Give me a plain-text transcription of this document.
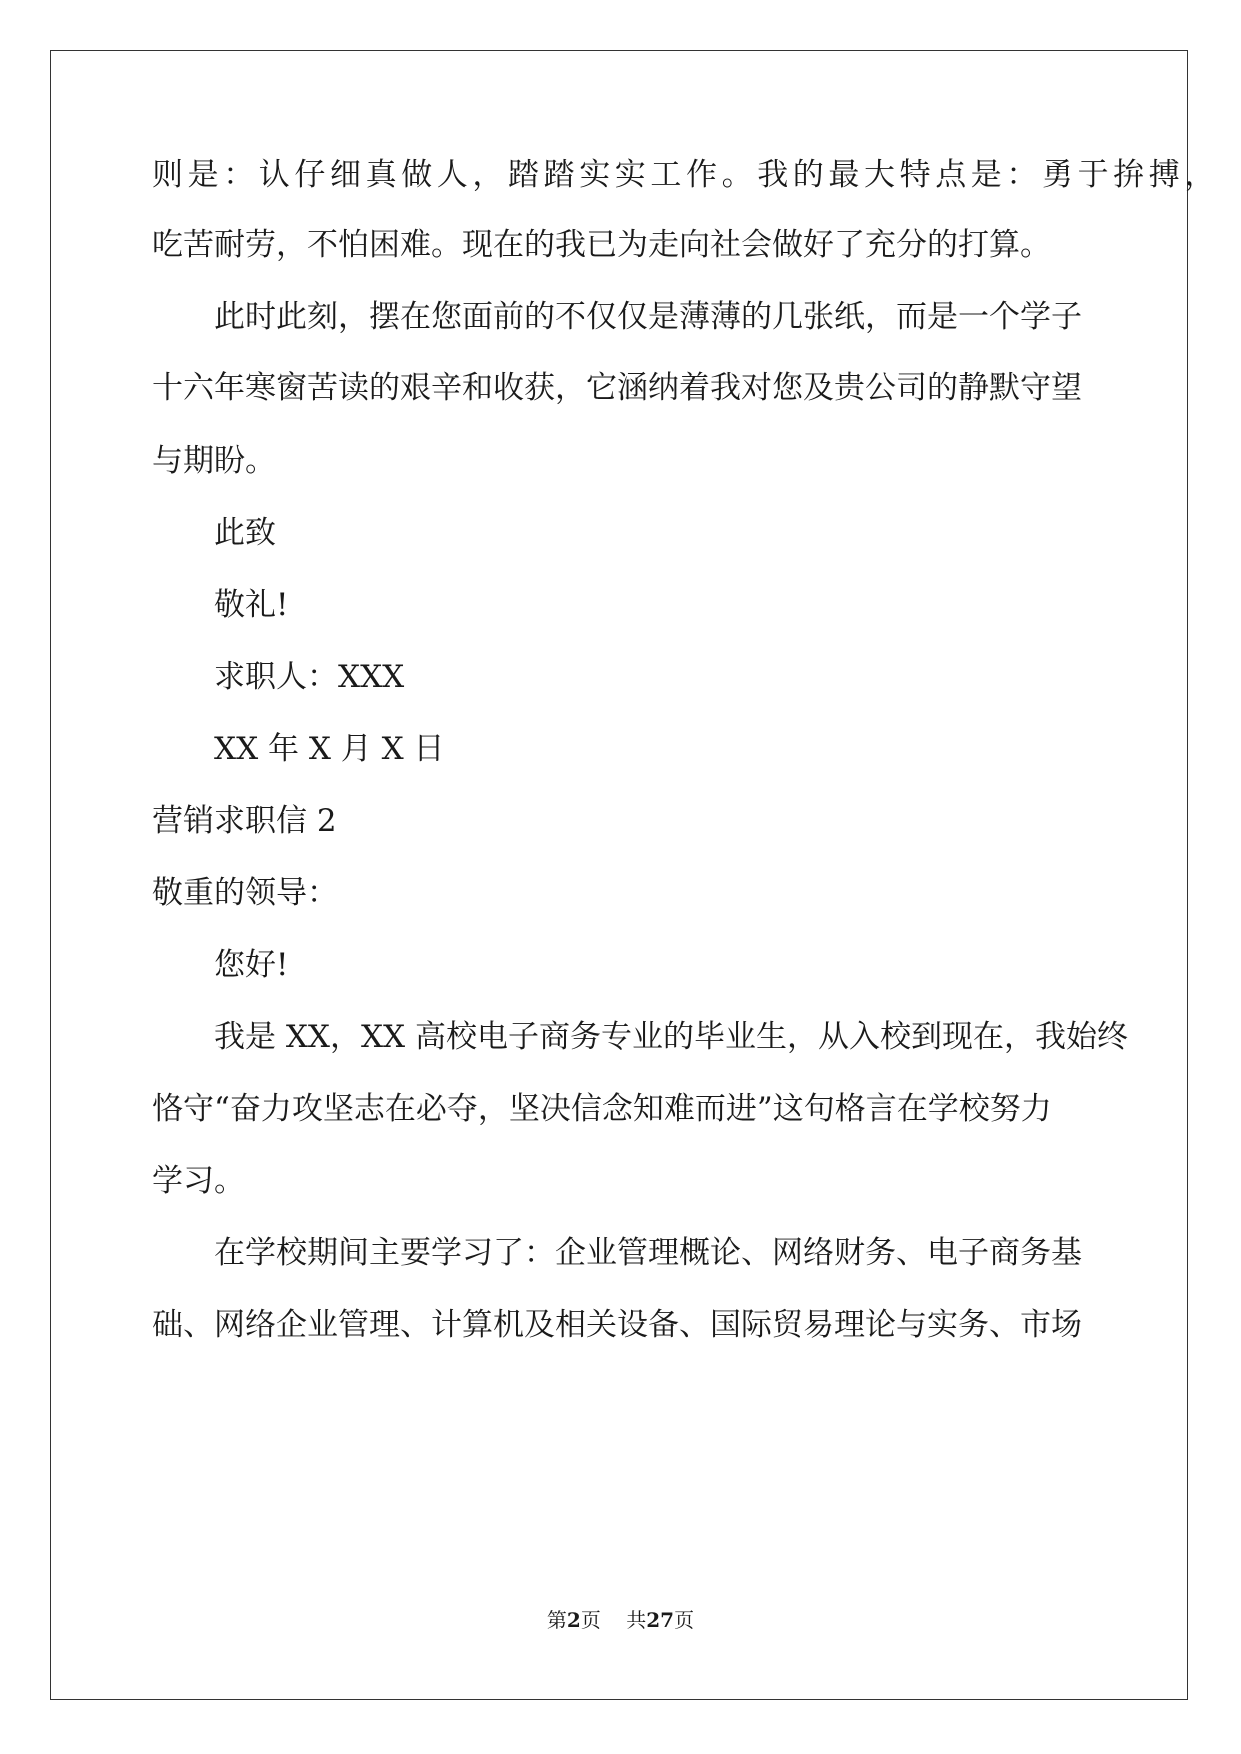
则是：认仔细真做人，踏踏实实工作。我的最大特点是：勇于拚搏，
吃苦耐劳，不怕困难。现在的我已为走向社会做好了充分的打算。
此时此刻，摆在您面前的不仅仅是薄薄的几张纸，而是一个学子
十六年寒窗苦读的艰辛和收获，它涵纳着我对您及贵公司的静默守望
与期盼。
此致
敬礼!
求职人：XXX
XX 年 X 月 X 日
营销求职信 2
敬重的领导：
您好!
我是 XX，XX 高校电子商务专业的毕业生，从入校到现在，我始终
恪守“奋力攻坚志在必夺，坚决信念知难而进”这句格言在学校努力
学习。
在学校期间主要学习了：企业管理概论、网络财务、电子商务基
础、网络企业管理、计算机及相关设备、国际贸易理论与实务、市场
第2页 共27页
